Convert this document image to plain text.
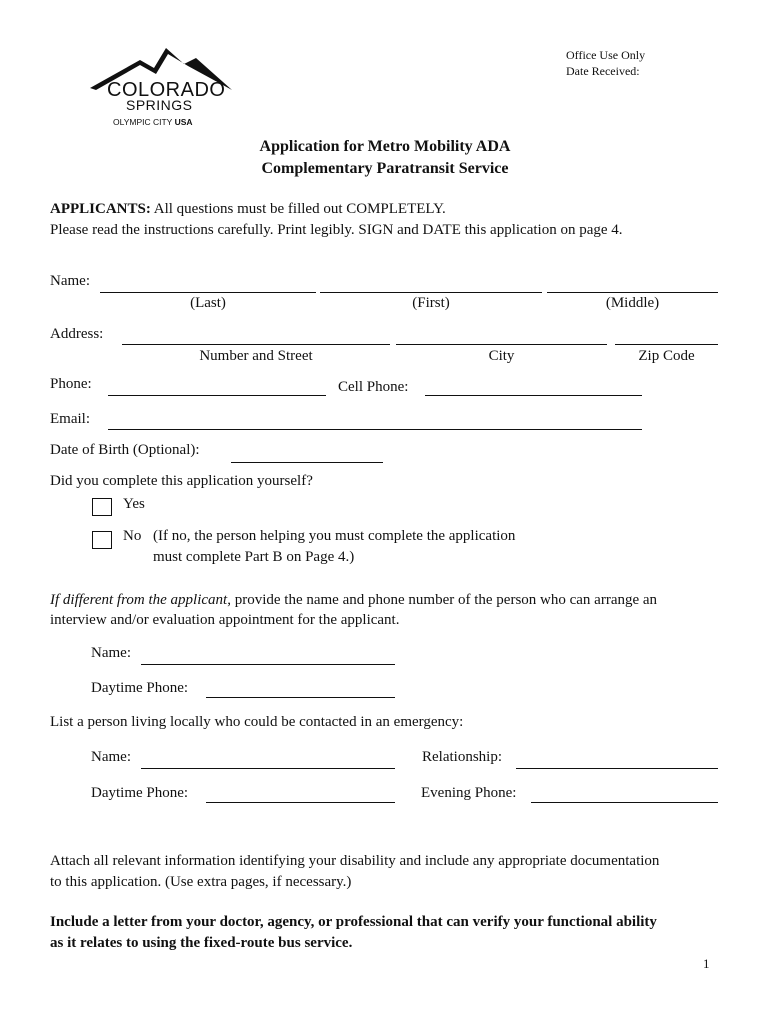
COLORADO
SPRINGS
OLYMPIC CITY USA
Office Use Only
Date Received:
Application for Metro Mobility ADA
Complementary Paratransit Service
APPLICANTS: All questions must be filled out COMPLETELY.
Please read the instructions carefully. Print legibly. SIGN and DATE this application on page 4.
Name:
(Last)	(First)	(Middle)
Address:
Number and Street	City	Zip Code
Phone:	Cell Phone:
Email:
Date of Birth (Optional):
Did you complete this application yourself?
Yes
No (If no, the person helping you must complete the application
must complete Part B on Page 4.)
If different from the applicant, provide the name and phone number of the person who can arrange an
interview and/or evaluation appointment for the applicant.
Name:
Daytime Phone:
List a person living locally who could be contacted in an emergency:
Name:	Relationship:
Daytime Phone:	Evening Phone:
Attach all relevant information identifying your disability and include any appropriate documentation
to this application. (Use extra pages, if necessary.)
Include a letter from your doctor, agency, or professional that can verify your functional ability
as it relates to using the fixed-route bus service.
1
